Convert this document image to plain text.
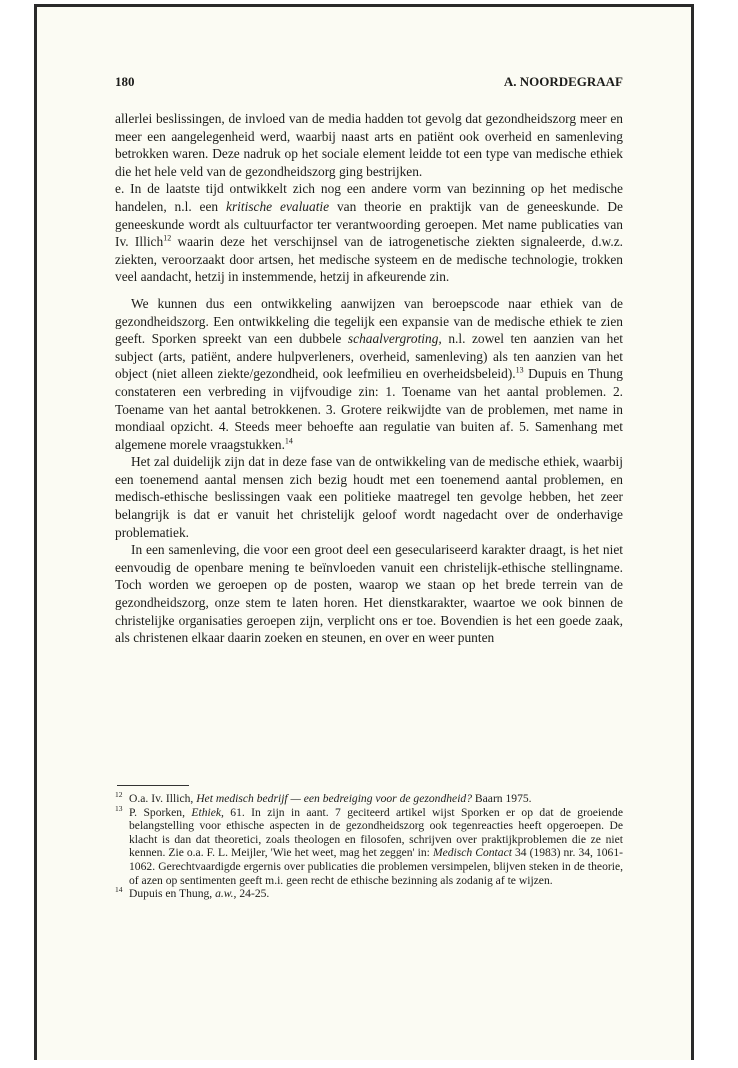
180	A. NOORDEGRAAF

allerlei beslissingen, de invloed van de media hadden tot gevolg dat gezondheidszorg meer en meer een aangelegenheid werd, waarbij naast arts en patiënt ook overheid en samenleving betrokken waren. Deze nadruk op het sociale element leidde tot een type van medische ethiek die het hele veld van de gezondheidszorg ging bestrijken.

e. In de laatste tijd ontwikkelt zich nog een andere vorm van bezinning op het medische handelen, n.l. een kritische evaluatie van theorie en praktijk van de geneeskunde. De geneeskunde wordt als cultuurfactor ter verantwoording geroepen. Met name publicaties van Iv. Illich$^{12}$ waarin deze het verschijnsel van de iatrogenetische ziekten signaleerde, d.w.z. ziekten, veroorzaakt door artsen, het medische systeem en de medische technologie, trokken veel aandacht, hetzij in instemmende, hetzij in afkeurende zin.

We kunnen dus een ontwikkeling aanwijzen van beroepscode naar ethiek van de gezondheidszorg. Een ontwikkeling die tegelijk een expansie van de medische ethiek te zien geeft. Sporken spreekt van een dubbele schaalvergroting, n.l. zowel ten aanzien van het subject (arts, patiënt, andere hulpverleners, overheid, samenleving) als ten aanzien van het object (niet alleen ziekte/gezondheid, ook leefmilieu en overheidsbeleid).$^{13}$ Dupuis en Thung constateren een verbreding in vijfvoudige zin: 1. Toename van het aantal problemen. 2. Toename van het aantal betrokkenen. 3. Grotere reikwijdte van de problemen, met name in mondiaal opzicht. 4. Steeds meer behoefte aan regulatie van buiten af. 5. Samenhang met algemene morele vraagstukken.$^{14}$

Het zal duidelijk zijn dat in deze fase van de ontwikkeling van de medische ethiek, waarbij een toenemend aantal mensen zich bezig houdt met een toenemend aantal problemen, en medisch-ethische beslissingen vaak een politieke maatregel ten gevolge hebben, het zeer belangrijk is dat er vanuit het christelijk geloof wordt nagedacht over de onderhavige problematiek.

In een samenleving, die voor een groot deel een geseculariseerd karakter draagt, is het niet eenvoudig de openbare mening te beïnvloeden vanuit een christelijk-ethische stellingname. Toch worden we geroepen op de posten, waarop we staan op het brede terrein van de gezondheidszorg, onze stem te laten horen. Het dienstkarakter, waartoe we ook binnen de christelijke organisaties geroepen zijn, verplicht ons er toe. Bovendien is het een goede zaak, als christenen elkaar daarin zoeken en steunen, en over en weer punten

$^{12}$ O.a. Iv. Illich, Het medisch bedrijf — een bedreiging voor de gezondheid? Baarn 1975.
$^{13}$ P. Sporken, Ethiek, 61. In zijn in aant. 7 geciteerd artikel wijst Sporken er op dat de groeiende belangstelling voor ethische aspecten in de gezondheidszorg ook tegenreacties heeft opgeroepen. De klacht is dan dat theoretici, zoals theologen en filosofen, schrijven over praktijkproblemen die ze niet kennen. Zie o.a. F. L. Meijler, 'Wie het weet, mag het zeggen' in: Medisch Contact 34 (1983) nr. 34, 1061-1062. Gerechtvaardigde ergernis over publicaties die problemen versimpelen, blijven steken in de theorie, of azen op sentimenten geeft m.i. geen recht de ethische bezinning als zodanig af te wijzen.
$^{14}$ Dupuis en Thung, a.w., 24-25.
